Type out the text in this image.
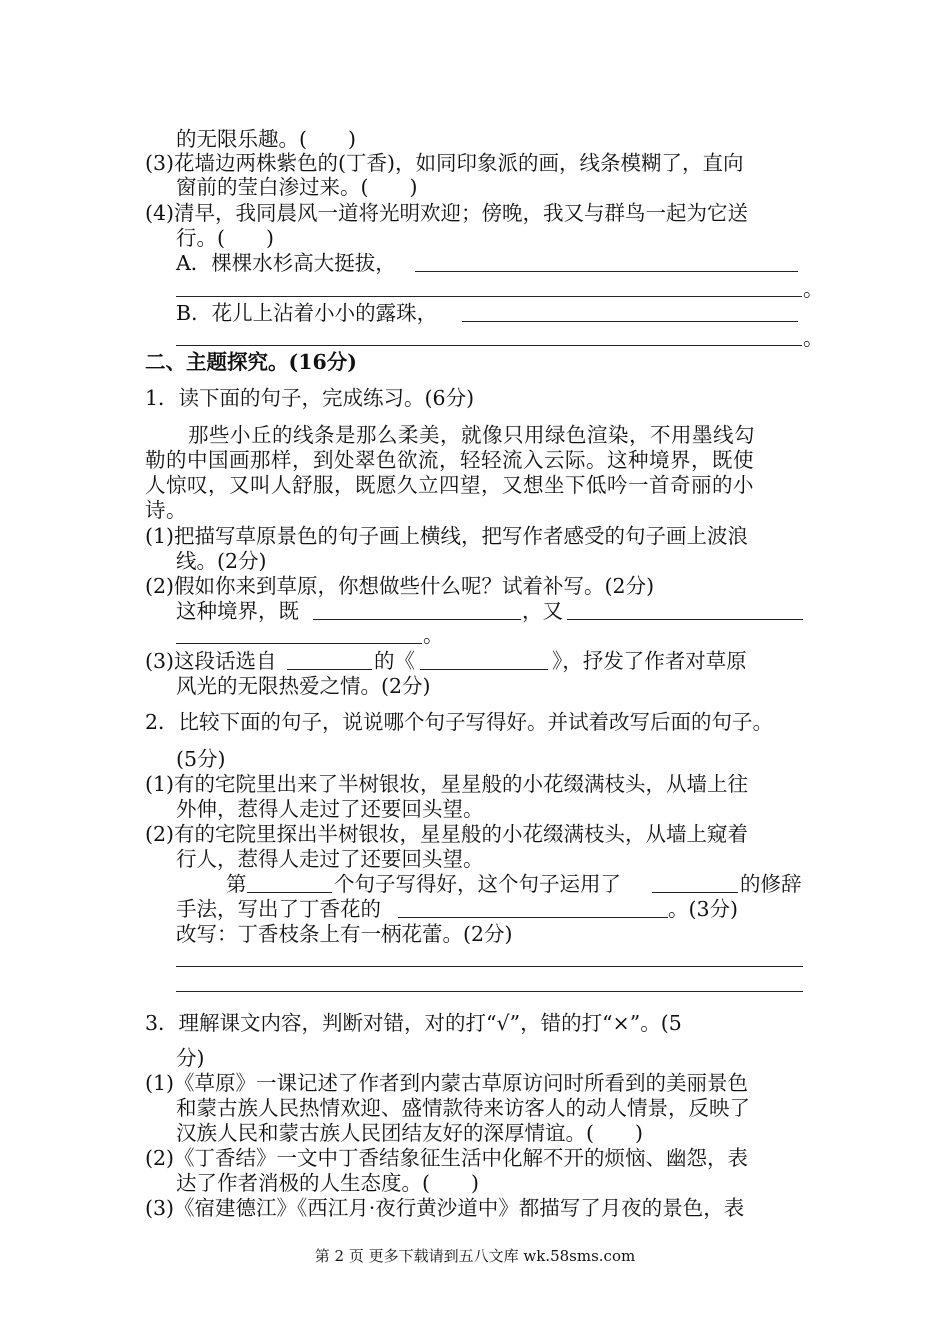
的无限乐趣。(　　)
(3)花墙边两株紫色的(丁香)，如同印象派的画，线条模糊了，直向
窗前的莹白渗过来。(　　)
(4)清早，我同晨风一道将光明欢迎；傍晚，我又与群鸟一起为它送
行。(　　)
A．棵棵水杉高大挺拔，
。
B．花儿上沾着小小的露珠，
。
二、主题探究。(16分)
1．读下面的句子，完成练习。(6分)
那些小丘的线条是那么柔美，就像只用绿色渲染，不用墨线勾
勒的中国画那样，到处翠色欲流，轻轻流入云际。这种境界，既使
人惊叹，又叫人舒服，既愿久立四望，又想坐下低吟一首奇丽的小
诗。
(1)把描写草原景色的句子画上横线，把写作者感受的句子画上波浪
线。(2分)
(2)假如你来到草原，你想做些什么呢？试着补写。(2分)
这种境界，既	，又
。
(3)这段话选自	的《	》，抒发了作者对草原
风光的无限热爱之情。(2分)
2．比较下面的句子，说说哪个句子写得好。并试着改写后面的句子。
(5分)
(1)有的宅院里出来了半树银妆，星星般的小花缀满枝头，从墙上往
外伸，惹得人走过了还要回头望。
(2)有的宅院里探出半树银妆，星星般的小花缀满枝头，从墙上窥着
行人，惹得人走过了还要回头望。
第	个句子写得好，这个句子运用了	的修辞
手法，写出了丁香花的	。(3分)
改写：丁香枝条上有一柄花蕾。(2分)
3．理解课文内容，判断对错，对的打“√”，错的打“×”。(5
分)
(1)《草原》一课记述了作者到内蒙古草原访问时所看到的美丽景色
和蒙古族人民热情欢迎、盛情款待来访客人的动人情景，反映了
汉族人民和蒙古族人民团结友好的深厚情谊。(　　)
(2)《丁香结》一文中丁香结象征生活中化解不开的烦恼、幽怨，表
达了作者消极的人生态度。(　　)
(3)《宿建德江》《西江月·夜行黄沙道中》都描写了月夜的景色，表
第 2 页 更多下载请到五八文库 wk.58sms.com
